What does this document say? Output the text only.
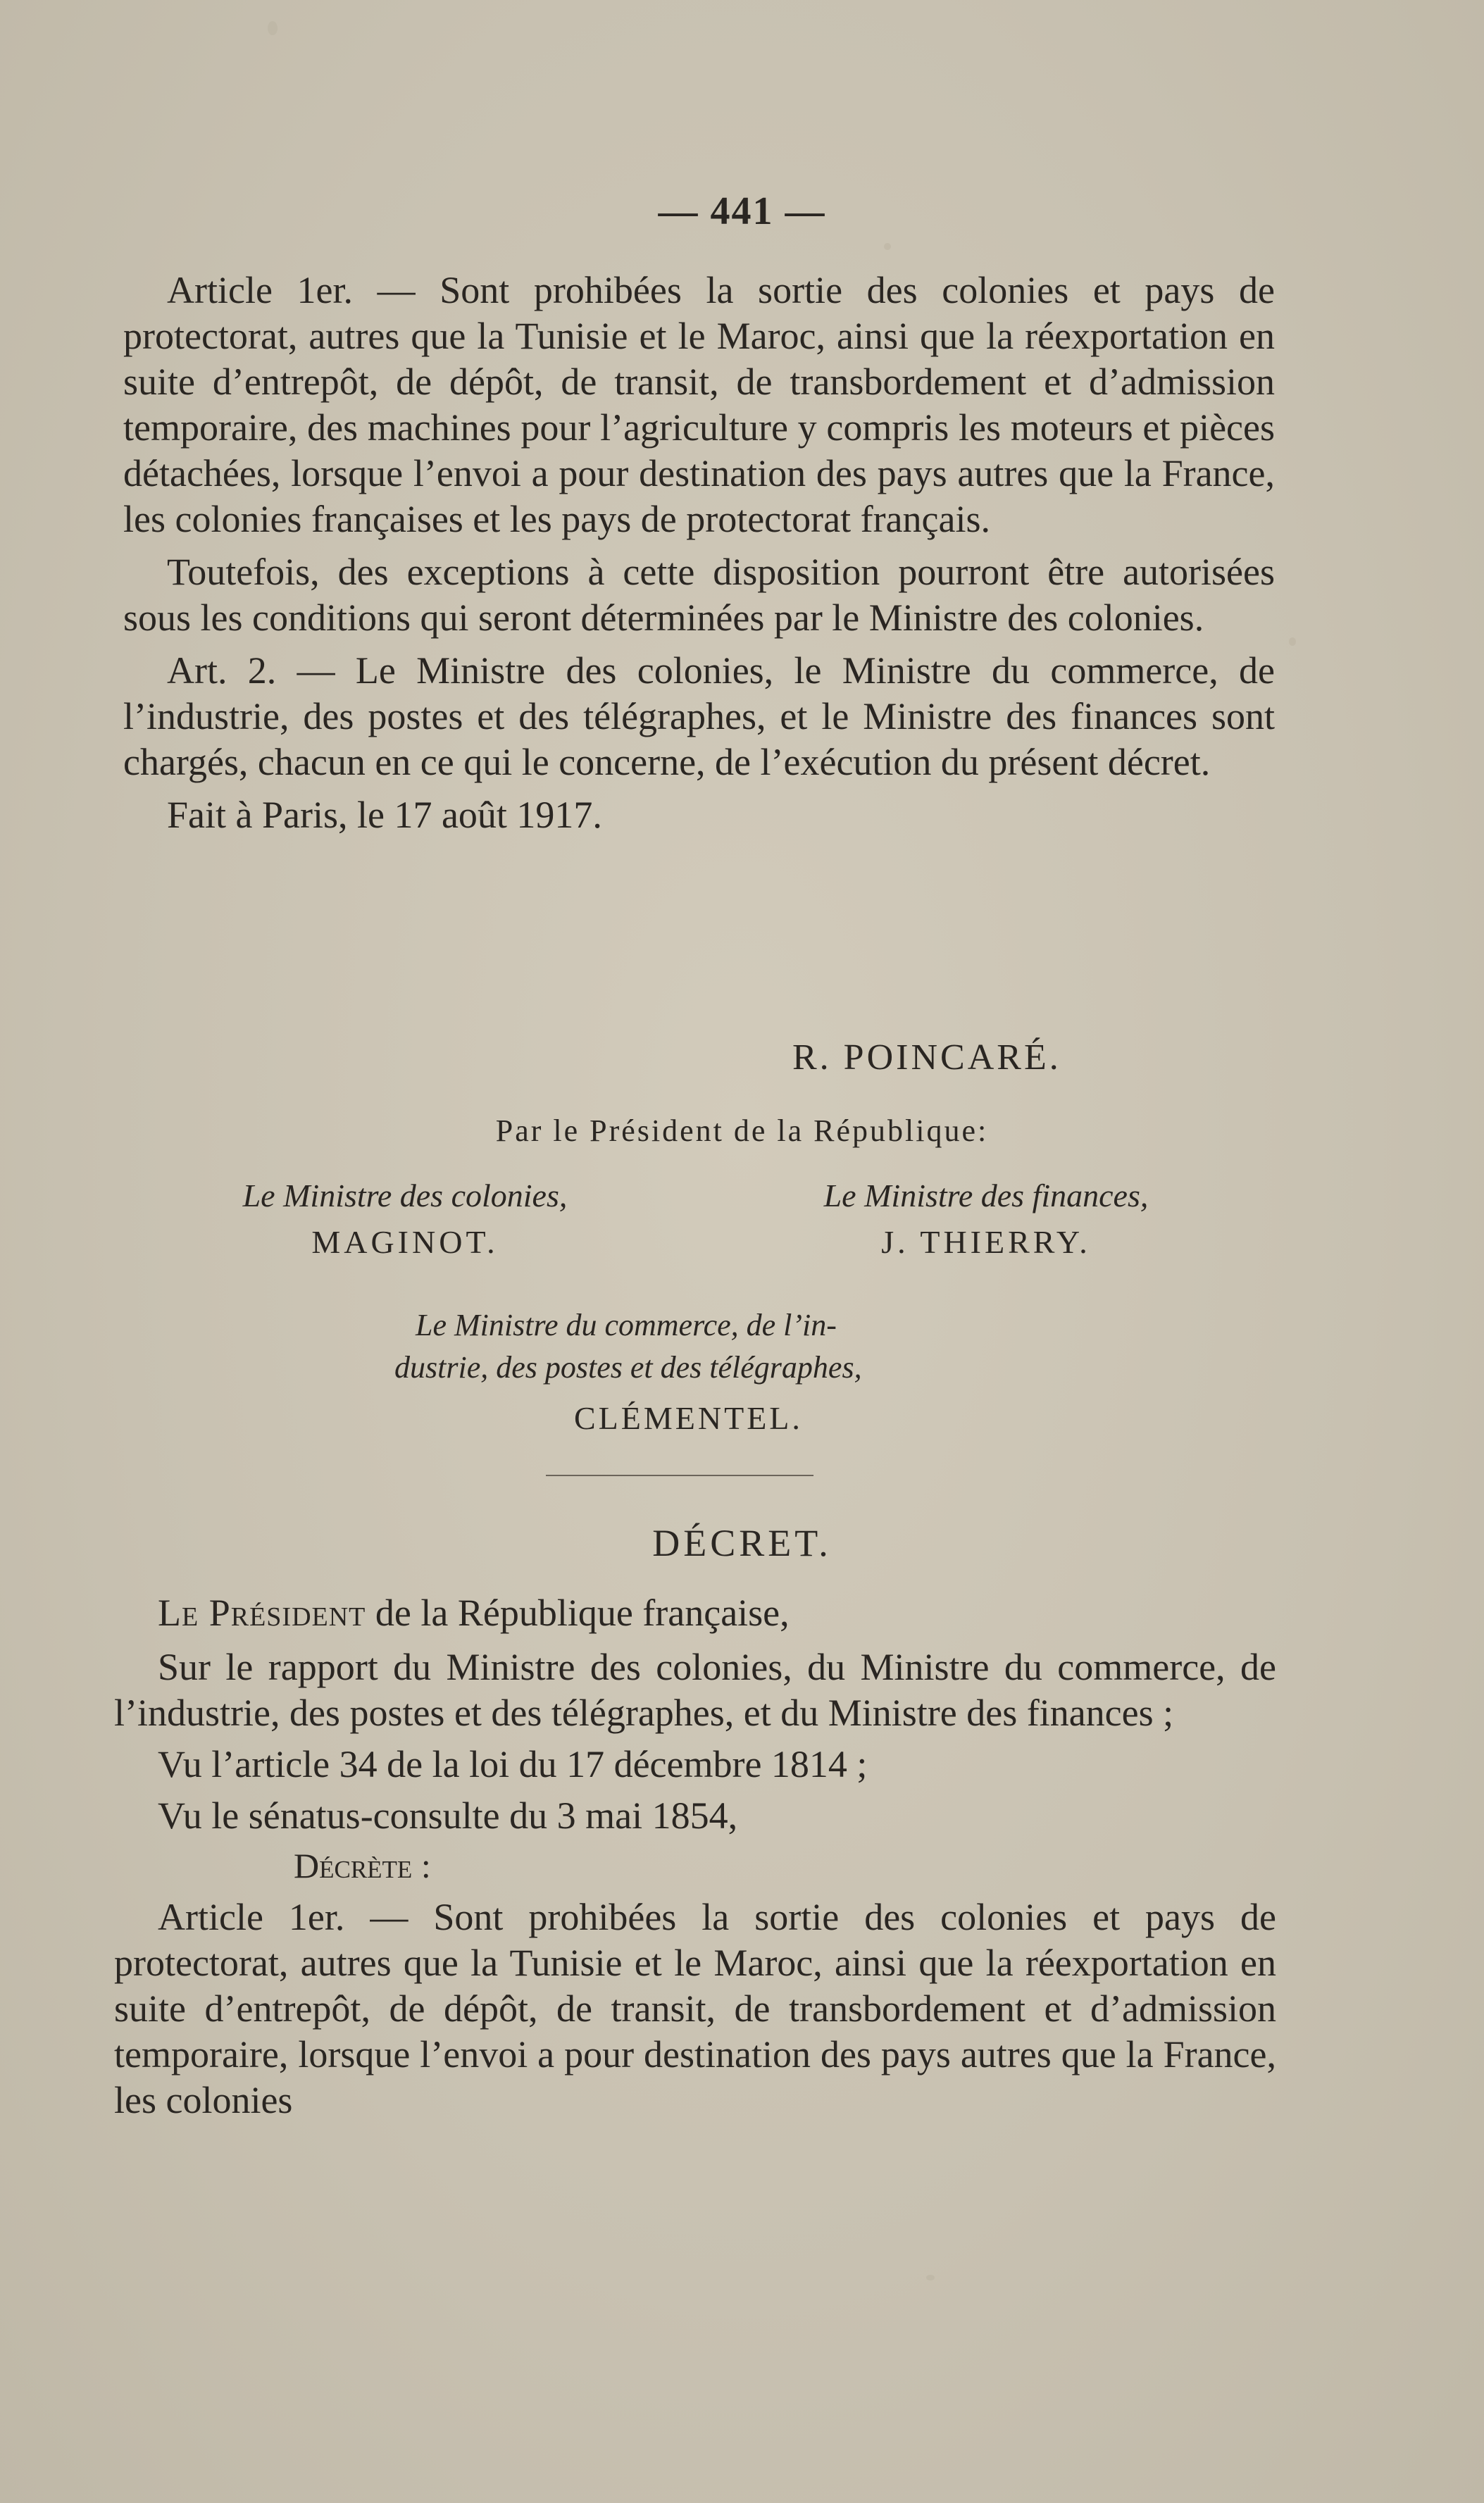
— 441 —

Article 1er. — Sont prohibées la sortie des colonies et pays de protectorat, autres que la Tunisie et le Maroc, ainsi que la réexportation en suite d’entrepôt, de dépôt, de transit, de transbordement et d’admission temporaire, des machines pour l’agriculture y compris les moteurs et pièces détachées, lorsque l’envoi a pour destination des pays autres que la France, les colonies françaises et les pays de protectorat français.

Toutefois, des exceptions à cette disposition pourront être autorisées sous les conditions qui seront déterminées par le Ministre des colonies.

Art. 2. — Le Ministre des colonies, le Ministre du commerce, de l’industrie, des postes et des télégraphes, et le Ministre des finances sont chargés, chacun en ce qui le concerne, de l’exécution du présent décret.

Fait à Paris, le 17 août 1917.

R. POINCARÉ.
Par le Président de la République:
Le Ministre des colonies,
MAGINOT.
Le Ministre des finances,
J. THIERRY.
Le Ministre du commerce, de l’in-
dustrie, des postes et des télégraphes,
CLÉMENTEL.
DÉCRET.

Le Président de la République française,

Sur le rapport du Ministre des colonies, du Ministre du commerce, de l’industrie, des postes et des télégraphes, et du Ministre des finances ;

Vu l’article 34 de la loi du 17 décembre 1814 ;

Vu le sénatus-consulte du 3 mai 1854,

Décrète :

Article 1er. — Sont prohibées la sortie des colonies et pays de protectorat, autres que la Tunisie et le Maroc, ainsi que la réexportation en suite d’entrepôt, de dépôt, de transit, de transbordement et d’admission temporaire, lorsque l’envoi a pour destination des pays autres que la France, les colonies
